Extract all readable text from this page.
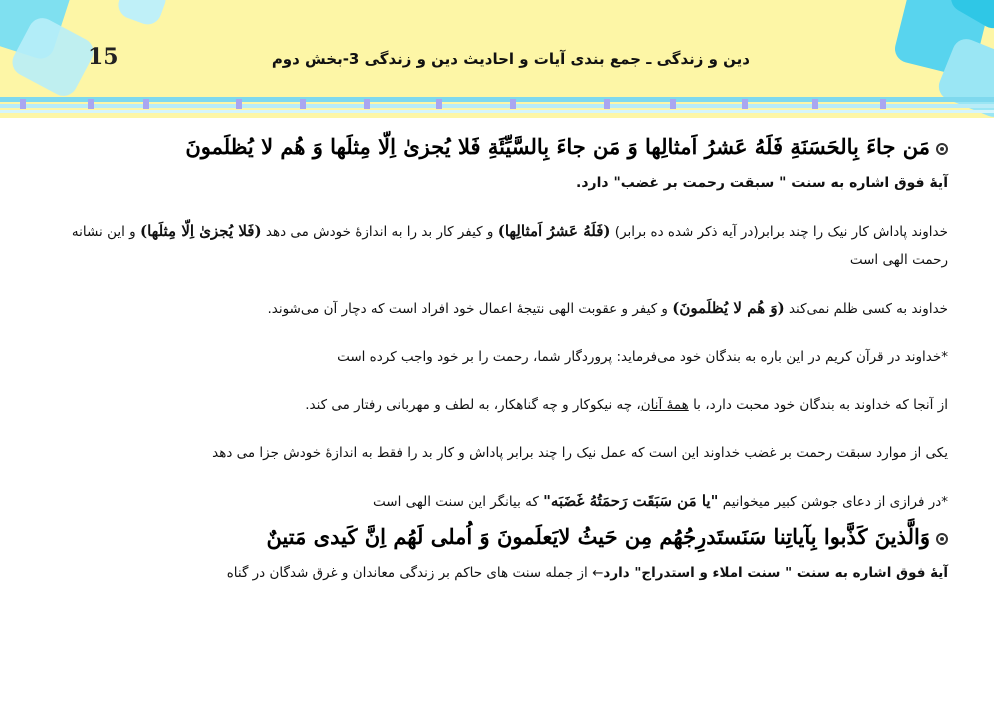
15	دین و زندگی ـ جمع بندی آیات و احادیث دین و زندگی 3-بخش دوم
مَن جاءَ بِالحَسَنَةِ فَلَهُ عَشرُ اَمثالِها وَ مَن جاءَ بِالسَّیِّئَةِ فَلا یُجزیٰ اِلّا مِثلَها وَ هُم لا یُظلَمونَ

آیۀ فوق اشاره به سنت " سبقت رحمت بر غضب" دارد.

خداوند پاداش کار نیک را چند برابر(در آیه ذکر شده ده برابر) (فَلَهُ عَشرُ اَمثالِها) و کیفر کار بد را به اندازۀ خودش می دهد (فَلا یُجزیٰ اِلّا مِثلَها) و این نشانه رحمت الهی است

خداوند به کسی ظلم نمی‌کند (وَ هُم لا یُظلَمونَ) و کیفر و عقوبت الهی نتیجۀ اعمال خود افراد است که دچار آن می‌شوند.

*خداوند در قرآن کریم در این باره به بندگان خود می‌فرماید: پروردگار شما، رحمت را بر خود واجب کرده است

از آنجا که خداوند به بندگان خود محبت دارد، با همۀ آنان، چه نیکوکار و چه گناهکار، به لطف و مهربانی رفتار می کند.

یکی از موارد سبقت رحمت بر غضب خداوند این است که عمل نیک را چند برابر پاداش و کار بد را فقط به اندازۀ خودش جزا می دهد

*در فرازی از دعای جوشن کبیر میخوانیم "یا مَن سَبَقَت رَحمَتُهُ غَضَبَه" که بیانگر این سنت الهی است

وَالَّذینَ کَذَّبوا بِآیاتِنا سَنَستَدرِجُهُم مِن حَیثُ لایَعلَمونَ وَ اُملی لَهُم اِنَّ کَیدی مَتینٌ

آیۀ فوق اشاره به سنت " سنت املاء و استدراج" دارد← از جمله سنت های حاکم بر زندگی معاندان و غرق شدگان در گناه
